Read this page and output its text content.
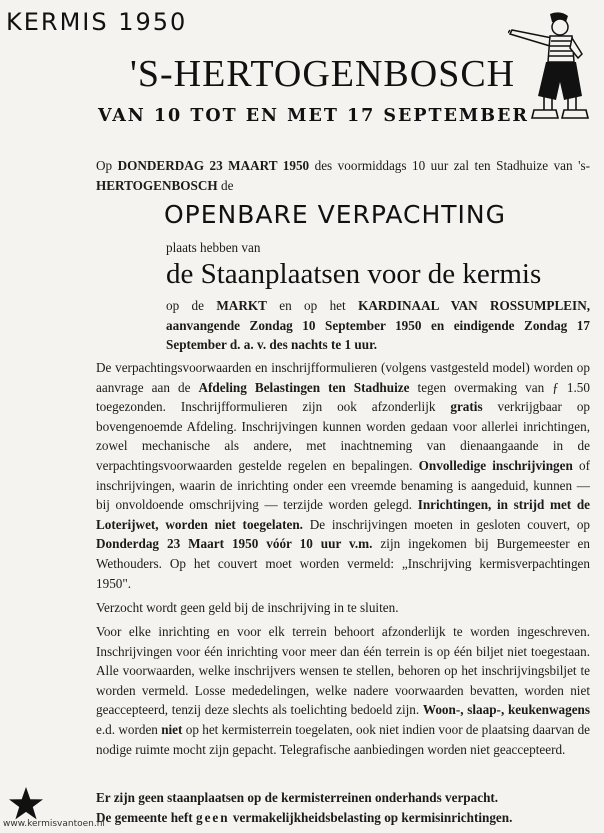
KERMIS 1950
'S-HERTOGENBOSCH
VAN 10 TOT EN MET 17 SEPTEMBER
Op DONDERDAG 23 MAART 1950 des voormiddags 10 uur zal ten Stadhuize van 's-HERTOGENBOSCH de
OPENBARE VERPACHTING
plaats hebben van
de Staanplaatsen voor de kermis
op de MARKT en op het KARDINAAL VAN ROSSUMPLEIN, aanvangende Zondag 10 September 1950 en eindigende Zondag 17 September d. a. v. des nachts te 1 uur.
De verpachtingsvoorwaarden en inschrijfformulieren (volgens vastgesteld model) worden op aanvrage aan de Afdeling Belastingen ten Stadhuize tegen overmaking van ƒ 1.50 toegezonden. Inschrijfformulieren zijn ook afzonderlijk gratis verkrijgbaar op bovengenoemde Afdeling. Inschrijvingen kunnen worden gedaan voor allerlei inrichtingen, zowel mechanische als andere, met inachtneming van dienaangaande in de verpachtingsvoorwaarden gestelde regelen en bepalingen. Onvolledige inschrijvingen of inschrijvingen, waarin de inrichting onder een vreemde benaming is aangeduid, kunnen — bij onvoldoende omschrijving — terzijde worden gelegd. Inrichtingen, in strijd met de Loterijwet, worden niet toegelaten. De inschrijvingen moeten in gesloten couvert, op Donderdag 23 Maart 1950 vóór 10 uur v.m. zijn ingekomen bij Burgemeester en Wethouders. Op het couvert moet worden vermeld: „Inschrijving kermisverpachtingen 1950".
Verzocht wordt geen geld bij de inschrijving in te sluiten.
Voor elke inrichting en voor elk terrein behoort afzonderlijk te worden ingeschreven. Inschrijvingen voor één inrichting voor meer dan één terrein is op één biljet niet toegestaan. Alle voorwaarden, welke inschrijvers wensen te stellen, behoren op het inschrijvingsbiljet te worden vermeld. Losse mededelingen, welke nadere voorwaarden bevatten, worden niet geaccepteerd, tenzij deze slechts als toelichting bedoeld zijn. Woon-, slaap-, keukenwagens e.d. worden niet op het kermisterrein toegelaten, ook niet indien voor de plaatsing daarvan de nodige ruimte mocht zijn gepacht. Telegrafische aanbiedingen worden niet geaccepteerd.
Er zijn geen staanplaatsen op de kermisterreinen onderhands verpacht.
De gemeente heft geen vermakelijkheidsbelasting op kermisinrichtingen.
www.kermisvantoen.nl
